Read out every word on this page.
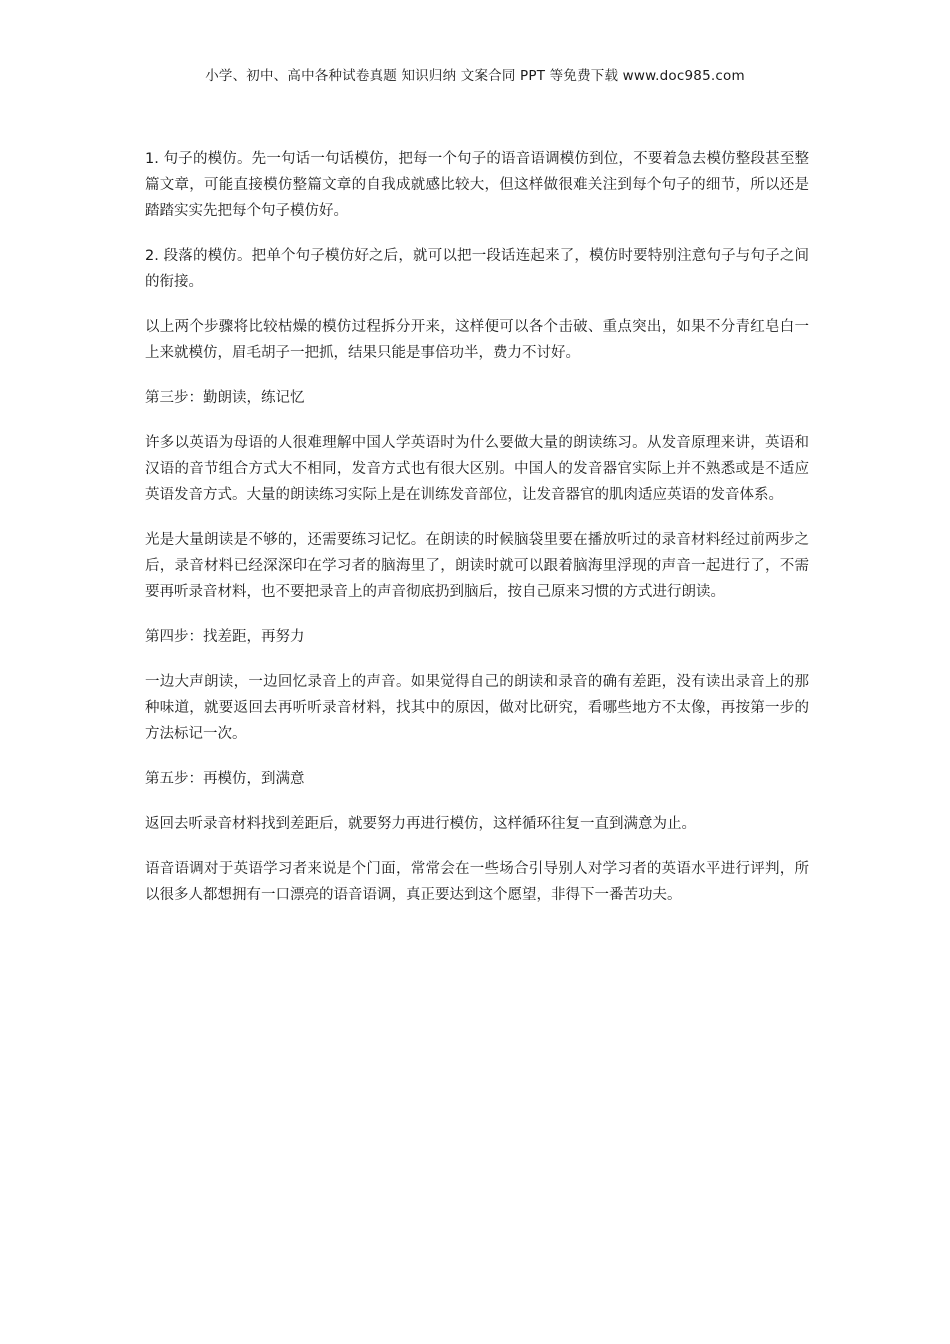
小学、初中、高中各种试卷真题 知识归纳 文案合同 PPT 等免费下载 www.doc985.com

1. 句子的模仿。先一句话一句话模仿，把每一个句子的语音语调模仿到位，不要着急去模仿整段甚至整篇文章，可能直接模仿整篇文章的自我成就感比较大，但这样做很难关注到每个句子的细节，所以还是踏踏实实先把每个句子模仿好。

2. 段落的模仿。把单个句子模仿好之后，就可以把一段话连起来了，模仿时要特别注意句子与句子之间的衔接。

以上两个步骤将比较枯燥的模仿过程拆分开来，这样便可以各个击破、重点突出，如果不分青红皂白一上来就模仿，眉毛胡子一把抓，结果只能是事倍功半，费力不讨好。

第三步：勤朗读，练记忆

许多以英语为母语的人很难理解中国人学英语时为什么要做大量的朗读练习。从发音原理来讲，英语和汉语的音节组合方式大不相同，发音方式也有很大区别。中国人的发音器官实际上并不熟悉或是不适应英语发音方式。大量的朗读练习实际上是在训练发音部位，让发音器官的肌肉适应英语的发音体系。

光是大量朗读是不够的，还需要练习记忆。在朗读的时候脑袋里要在播放听过的录音材料经过前两步之后，录音材料已经深深印在学习者的脑海里了，朗读时就可以跟着脑海里浮现的声音一起进行了，不需要再听录音材料，也不要把录音上的声音彻底扔到脑后，按自己原来习惯的方式进行朗读。

第四步：找差距，再努力

一边大声朗读，一边回忆录音上的声音。如果觉得自己的朗读和录音的确有差距，没有读出录音上的那种味道，就要返回去再听听录音材料，找其中的原因，做对比研究，看哪些地方不太像，再按第一步的方法标记一次。

第五步：再模仿，到满意

返回去听录音材料找到差距后，就要努力再进行模仿，这样循环往复一直到满意为止。

语音语调对于英语学习者来说是个门面，常常会在一些场合引导别人对学习者的英语水平进行评判，所以很多人都想拥有一口漂亮的语音语调，真正要达到这个愿望，非得下一番苦功夫。
